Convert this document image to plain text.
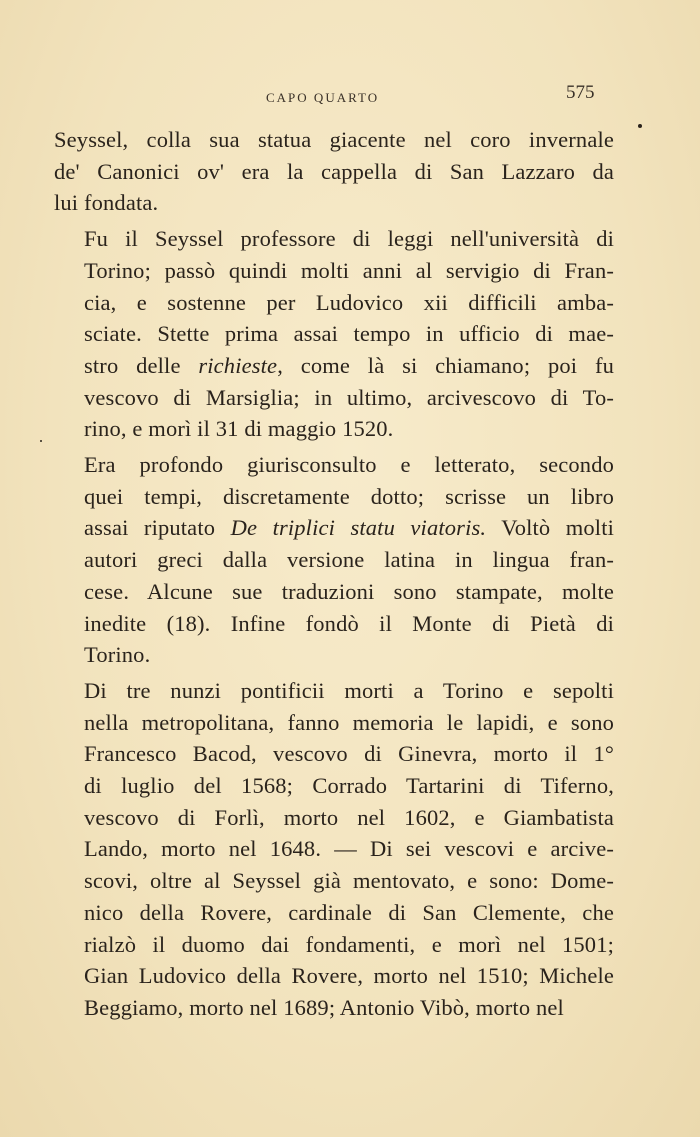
CAPO QUARTO	575

Seyssel, colla sua statua giacente nel coro invernale
de' Canonici ov' era la cappella di San Lazzaro da
lui fondata.

Fu il Seyssel professore di leggi nell'università di
Torino; passò quindi molti anni al servigio di Fran-
cia, e sostenne per Ludovico xii difficili amba-
sciate. Stette prima assai tempo in ufficio di mae-
stro delle richieste, come là si chiamano; poi fu
vescovo di Marsiglia; in ultimo, arcivescovo di To-
rino, e morì il 31 di maggio 1520.

Era profondo giurisconsulto e letterato, secondo
quei tempi, discretamente dotto; scrisse un libro
assai riputato De triplici statu viatoris. Voltò molti
autori greci dalla versione latina in lingua fran-
cese. Alcune sue traduzioni sono stampate, molte
inedite (18). Infine fondò il Monte di Pietà di
Torino.

Di tre nunzi pontificii morti a Torino e sepolti
nella metropolitana, fanno memoria le lapidi, e sono
Francesco Bacod, vescovo di Ginevra, morto il 1°
di luglio del 1568; Corrado Tartarini di Tiferno,
vescovo di Forlì, morto nel 1602, e Giambatista
Lando, morto nel 1648. — Di sei vescovi e arcive-
scovi, oltre al Seyssel già mentovato, e sono: Dome-
nico della Rovere, cardinale di San Clemente, che
rialzò il duomo dai fondamenti, e morì nel 1501;
Gian Ludovico della Rovere, morto nel 1510; Michele
Beggiamo, morto nel 1689; Antonio Vibò, morto nel
